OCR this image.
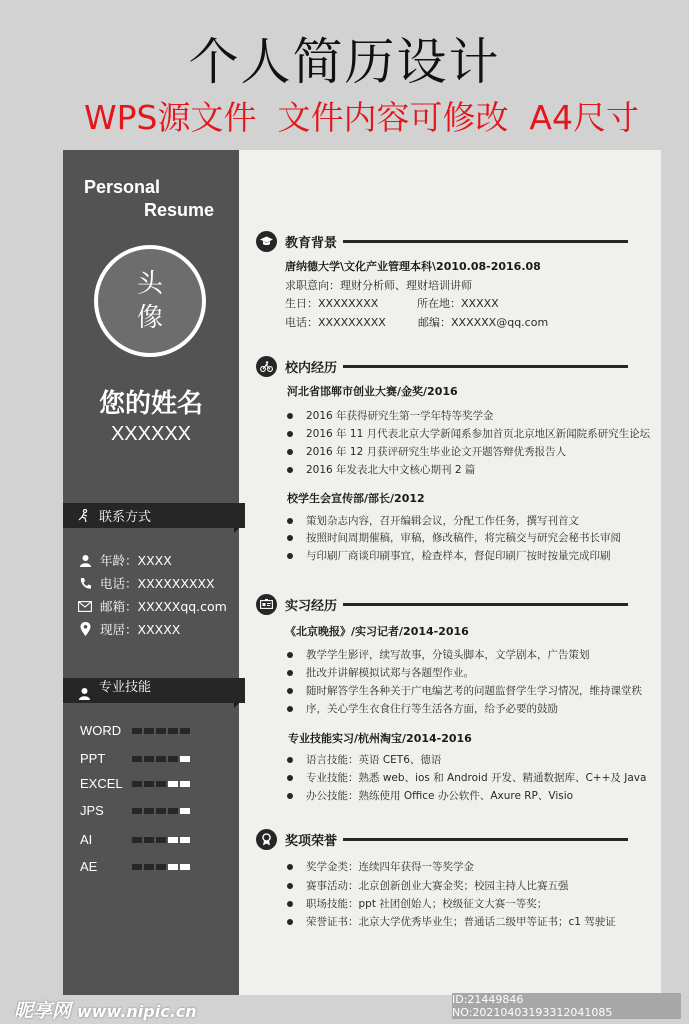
个人简历设计
WPS源文件  文件内容可修改  A4尺寸
Personal
Resume
头
像
您的姓名
XXXXXX
联系方式
年龄：XXXX
电话：XXXXXXXXX
邮箱：XXXXXqq.com
现居：XXXXX
专业技能
WORD
PPT
EXCEL
JPS
AI
AE
教育背景
唐纳德大学\文化产业管理本科\2010.08-2016.08
求职意向：理财分析师、理财培训讲师
生日：XXXXXXXX	所在地：XXXXX
电话：XXXXXXXXX	邮编：XXXXXX@qq.com
校内经历
河北省邯郸市创业大赛/金奖/2016
2016 年获得研究生第一学年特等奖学金
2016 年 11 月代表北京大学新闻系参加首页北京地区新闻院系研究生论坛
2016 年 12 月获评研究生毕业论文开题答辩优秀报告人
2016 年发表北大中文核心期刊 2 篇
校学生会宣传部/部长/2012
策划杂志内容，召开编辑会议，分配工作任务，撰写刊首文
按照时间周期催稿，审稿，修改稿件，将完稿交与研究会秘书长审阅
与印刷厂商谈印刷事宜，检查样本，督促印刷厂按时按量完成印刷
实习经历
《北京晚报》/实习记者/2014-2016
教学学生影评，续写故事，分镜头脚本，文学剧本，广告策划
批改并讲解模拟试郑与各题型作业。
随时解答学生各种关于广电编艺考的问题监督学生学习情况，维持课堂秩
序，关心学生衣食住行等生活各方面，给予必要的鼓励
专业技能实习/杭州淘宝/2014-2016
语言技能：英语 CET6、德语
专业技能：熟悉 web、ios 和 Android 开发、精通数据库、C++及 Java
办公技能：熟练使用 Office 办公软件、Axure RP、Visio
奖项荣誉
奖学金类：连续四年获得一等奖学金
赛事活动：北京创新创业大赛金奖；校园主持人比赛五强
职场技能：ppt 社团创始人；校级征文大赛一等奖；
荣誉证书：北京大学优秀毕业生；普通话二级甲等证书；c1 驾驶证
昵享网 www.nipic.cn
ID:21449846 NO:20210403193312041085
